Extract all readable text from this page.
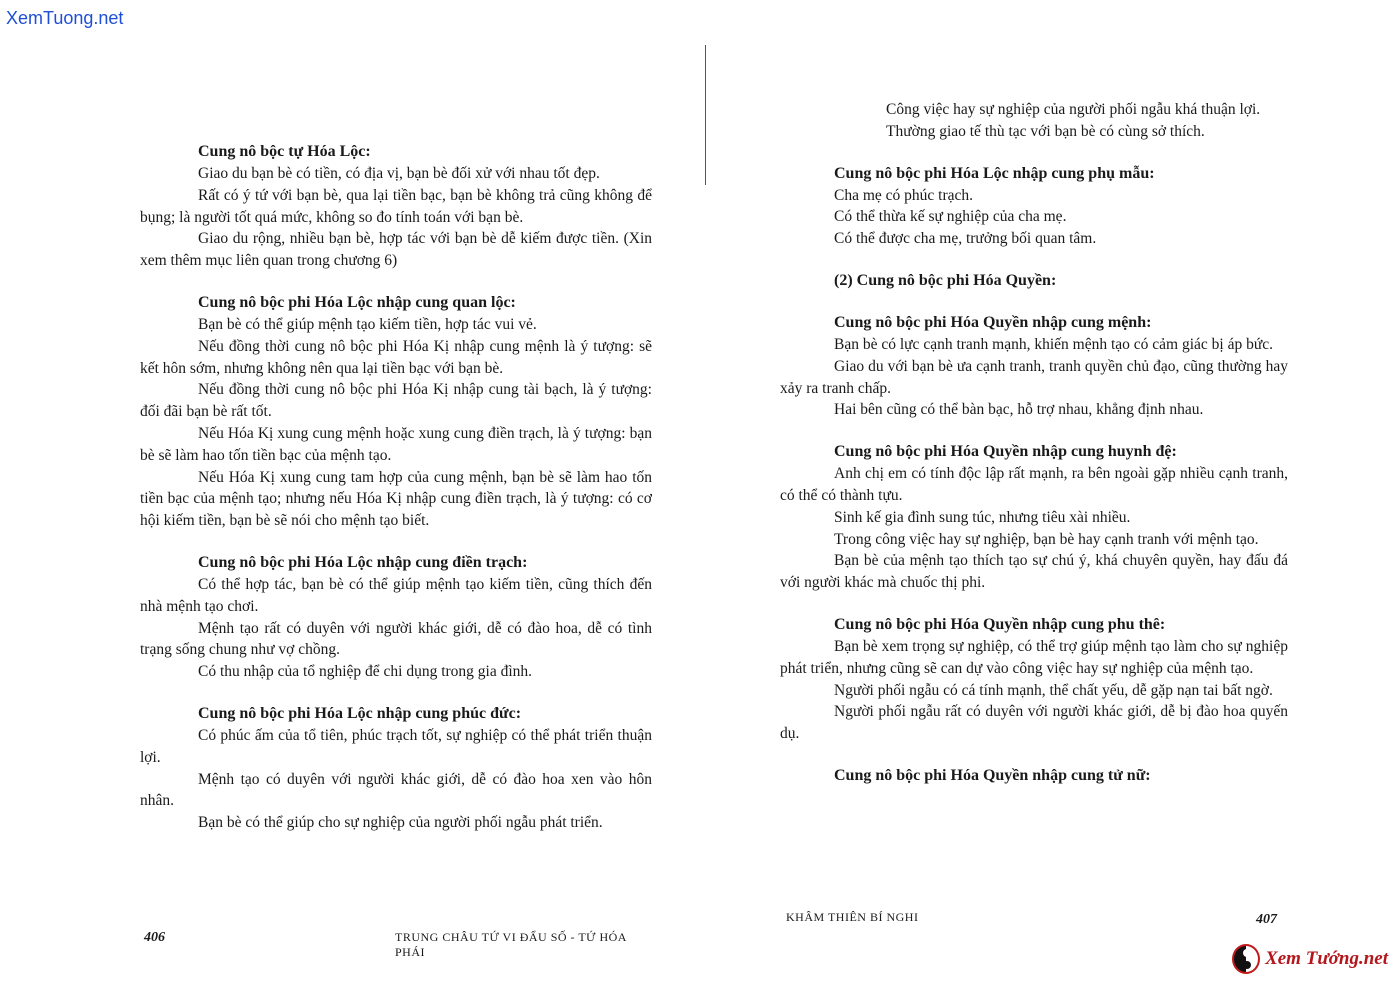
XemTuong.net
Cung nô bộc tự Hóa Lộc:

Giao du bạn bè có tiền, có địa vị, bạn bè đối xử với nhau tốt đẹp.

Rất có ý tứ với bạn bè, qua lại tiền bạc, bạn bè không trả cũng không để bụng; là người tốt quá mức, không so đo tính toán với bạn bè.

Giao du rộng, nhiều bạn bè, hợp tác với bạn bè dễ kiếm được tiền. (Xin xem thêm mục liên quan trong chương 6)

Cung nô bộc phi Hóa Lộc nhập cung quan lộc:

Bạn bè có thể giúp mệnh tạo kiếm tiền, hợp tác vui vẻ.

Nếu đồng thời cung nô bộc phi Hóa Kị nhập cung mệnh là ý tượng: sẽ kết hôn sớm, nhưng không nên qua lại tiền bạc với bạn bè.

Nếu đồng thời cung nô bộc phi Hóa Kị nhập cung tài bạch, là ý tượng: đối đãi bạn bè rất tốt.

Nếu Hóa Kị xung cung mệnh hoặc xung cung điền trạch, là ý tượng: bạn bè sẽ làm hao tốn tiền bạc của mệnh tạo.

Nếu Hóa Kị xung cung tam hợp của cung mệnh, bạn bè sẽ làm hao tốn tiền bạc của mệnh tạo; nhưng nếu Hóa Kị nhập cung điền trạch, là ý tượng: có cơ hội kiếm tiền, bạn bè sẽ nói cho mệnh tạo biết.

Cung nô bộc phi Hóa Lộc nhập cung điền trạch:

Có thể hợp tác, bạn bè có thể giúp mệnh tạo kiếm tiền, cũng thích đến nhà mệnh tạo chơi.

Mệnh tạo rất có duyên với người khác giới, dễ có đào hoa, dễ có tình trạng sống chung như vợ chồng.

Có thu nhập của tổ nghiệp để chi dụng trong gia đình.

Cung nô bộc phi Hóa Lộc nhập cung phúc đức:

Có phúc ấm của tổ tiên, phúc trạch tốt, sự nghiệp có thể phát triển thuận lợi.

Mệnh tạo có duyên với người khác giới, dễ có đào hoa xen vào hôn nhân.

Bạn bè có thể giúp cho sự nghiệp của người phối ngẫu phát triển.

406	TRUNG CHÂU TỨ VI ĐẨU SỐ - TỨ HÓA PHÁI

Công việc hay sự nghiệp của người phối ngẫu khá thuận lợi.

Thường giao tế thù tạc với bạn bè có cùng sở thích.

Cung nô bộc phi Hóa Lộc nhập cung phụ mẫu:

Cha mẹ có phúc trạch.

Có thể thừa kế sự nghiệp của cha mẹ.

Có thể được cha mẹ, trưởng bối quan tâm.

(2) Cung nô bộc phi Hóa Quyền:
Cung nô bộc phi Hóa Quyền nhập cung mệnh:

Bạn bè có lực cạnh tranh mạnh, khiến mệnh tạo có cảm giác bị áp bức.

Giao du với bạn bè ưa cạnh tranh, tranh quyền chủ đạo, cũng thường hay xảy ra tranh chấp.

Hai bên cũng có thể bàn bạc, hỗ trợ nhau, khẳng định nhau.

Cung nô bộc phi Hóa Quyền nhập cung huynh đệ:

Anh chị em có tính độc lập rất mạnh, ra bên ngoài gặp nhiều cạnh tranh, có thể có thành tựu.

Sinh kế gia đình sung túc, nhưng tiêu xài nhiều.

Trong công việc hay sự nghiệp, bạn bè hay cạnh tranh với mệnh tạo.

Bạn bè của mệnh tạo thích tạo sự chú ý, khá chuyên quyền, hay đấu đá với người khác mà chuốc thị phi.

Cung nô bộc phi Hóa Quyền nhập cung phu thê:

Bạn bè xem trọng sự nghiệp, có thể trợ giúp mệnh tạo làm cho sự nghiệp phát triển, nhưng cũng sẽ can dự vào công việc hay sự nghiệp của mệnh tạo.

Người phối ngẫu có cá tính mạnh, thể chất yếu, dễ gặp nạn tai bất ngờ.

Người phối ngẫu rất có duyên với người khác giới, dễ bị đào hoa quyến dụ.

Cung nô bộc phi Hóa Quyền nhập cung tử nữ:
KHÂM THIÊN BÍ NGHI	407
Xem Tướng.net
